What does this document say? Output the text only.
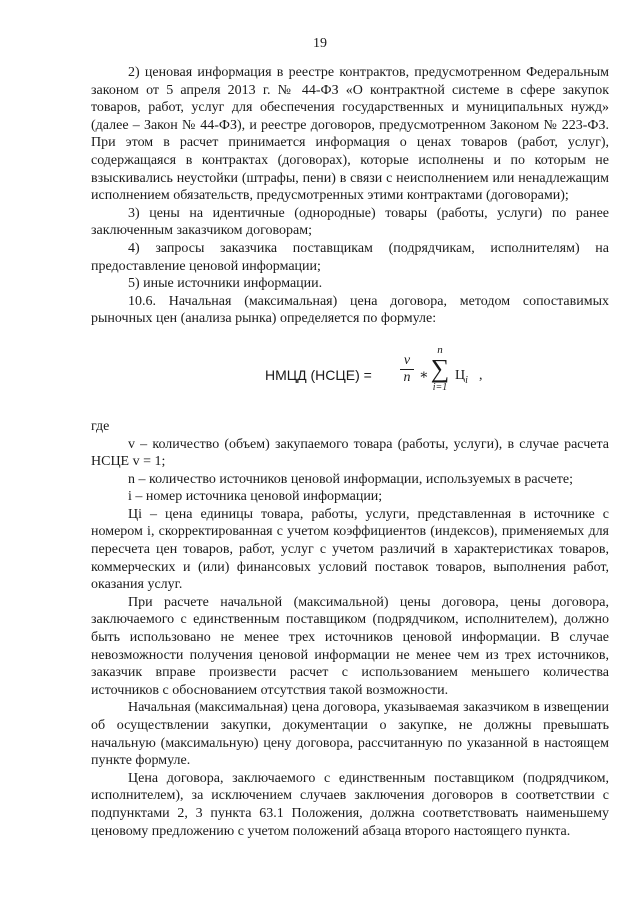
19

2) ценовая информация в реестре контрактов, предусмотренном Федеральным законом от 5 апреля 2013 г. № 44-ФЗ «О контрактной системе в сфере закупок товаров, работ, услуг для обеспечения государственных и муниципальных нужд» (далее – Закон № 44-ФЗ), и реестре договоров, предусмотренном Законом № 223-ФЗ. При этом в расчет принимается информация о ценах товаров (работ, услуг), содержащаяся в контрактах (договорах), которые исполнены и по которым не взыскивались неустойки (штрафы, пени) в связи с неисполнением или ненадлежащим исполнением обязательств, предусмотренных этими контрактами (договорами);

3) цены на идентичные (однородные) товары (работы, услуги) по ранее заключенным заказчиком договорам;

4) запросы заказчика поставщикам (подрядчикам, исполнителям) на предоставление ценовой информации;

5) иные источники информации.

10.6. Начальная (максимальная) цена договора, методом сопоставимых рыночных цен (анализа рынка) определяется по формуле:

НМЦД (НСЦЕ) =
v
n ∗
n
∑
i=1
$Ц_i$ ,

где

v – количество (объем) закупаемого товара (работы, услуги), в случае расчета НСЦЕ v = 1;

n – количество источников ценовой информации, используемых в расчете;

i – номер источника ценовой информации;

Цi – цена единицы товара, работы, услуги, представленная в источнике с номером i, скорректированная с учетом коэффициентов (индексов), применяемых для пересчета цен товаров, работ, услуг с учетом различий в характеристиках товаров, коммерческих и (или) финансовых условий поставок товаров, выполнения работ, оказания услуг.

При расчете начальной (максимальной) цены договора, цены договора, заключаемого с единственным поставщиком (подрядчиком, исполнителем), должно быть использовано не менее трех источников ценовой информации. В случае невозможности получения ценовой информации не менее чем из трех источников, заказчик вправе произвести расчет с использованием меньшего количества источников с обоснованием отсутствия такой возможности.

Начальная (максимальная) цена договора, указываемая заказчиком в извещении об осуществлении закупки, документации о закупке, не должны превышать начальную (максимальную) цену договора, рассчитанную по указанной в настоящем пункте формуле.

Цена договора, заключаемого с единственным поставщиком (подрядчиком, исполнителем), за исключением случаев заключения договоров в соответствии с подпунктами 2, 3 пункта 63.1 Положения, должна соответствовать наименьшему ценовому предложению с учетом положений абзаца второго настоящего пункта.
